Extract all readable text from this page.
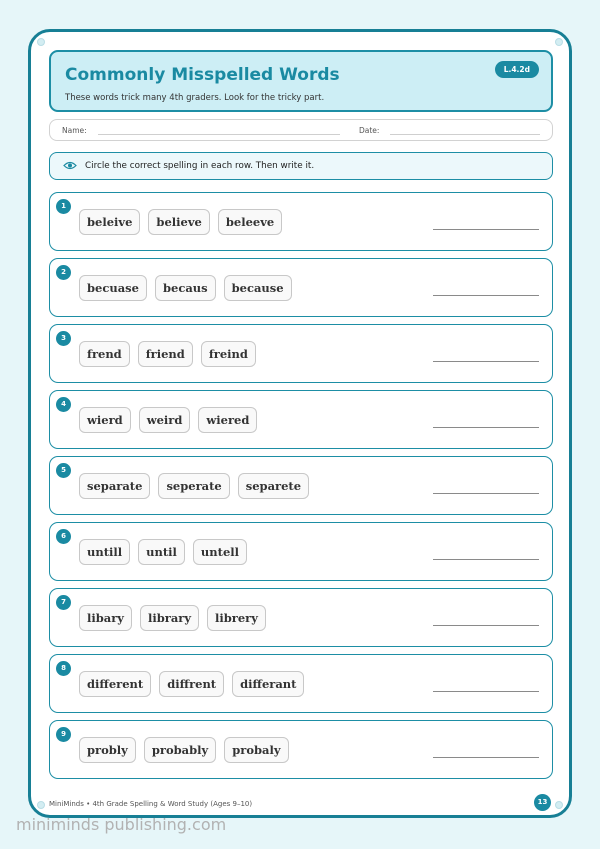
Commonly Misspelled Words
These words trick many 4th graders. Look for the tricky part.
L.4.2d
Name:	Date:
Circle the correct spelling in each row. Then write it.
1
beleive	believe	beleeve
2
becuase	becaus	because
3
frend	friend	freind
4
wierd	weird	wiered
5
separate	seperate	separete
6
untill	until	untell
7
libary	library	librery
8
different	diffrent	differant
9
probly	probably	probaly
MiniMinds • 4th Grade Spelling & Word Study (Ages 9–10)	13
miniminds publishing.com
